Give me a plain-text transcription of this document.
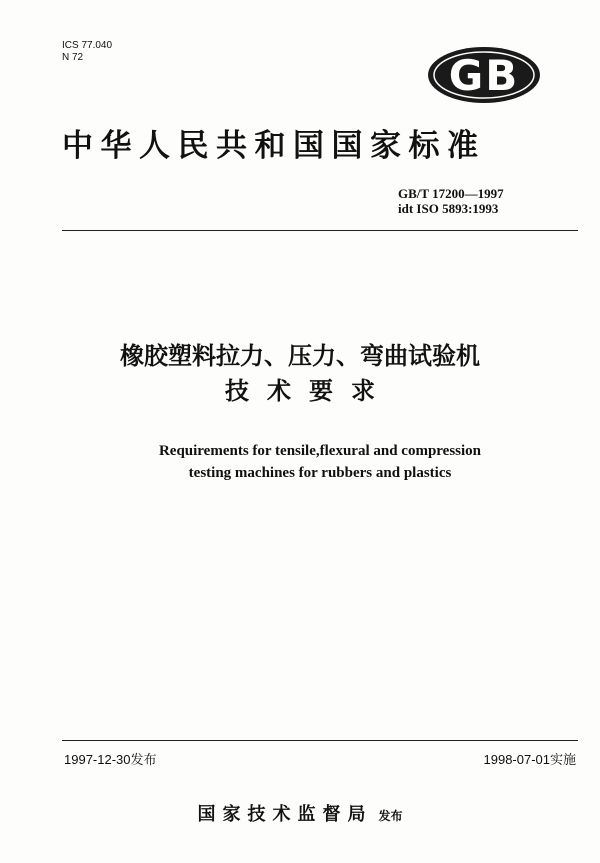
ICS 77.040
N 72	GB
中华人民共和国国家标准
GB/T 17200—1997
idt ISO 5893:1993
橡胶塑料拉力、压力、弯曲试验机
技术要求
Requirements for tensile,flexural and compression
testing machines for rubbers and plastics
1997-12-30发布	1998-07-01实施
国家技术监督局 发布
